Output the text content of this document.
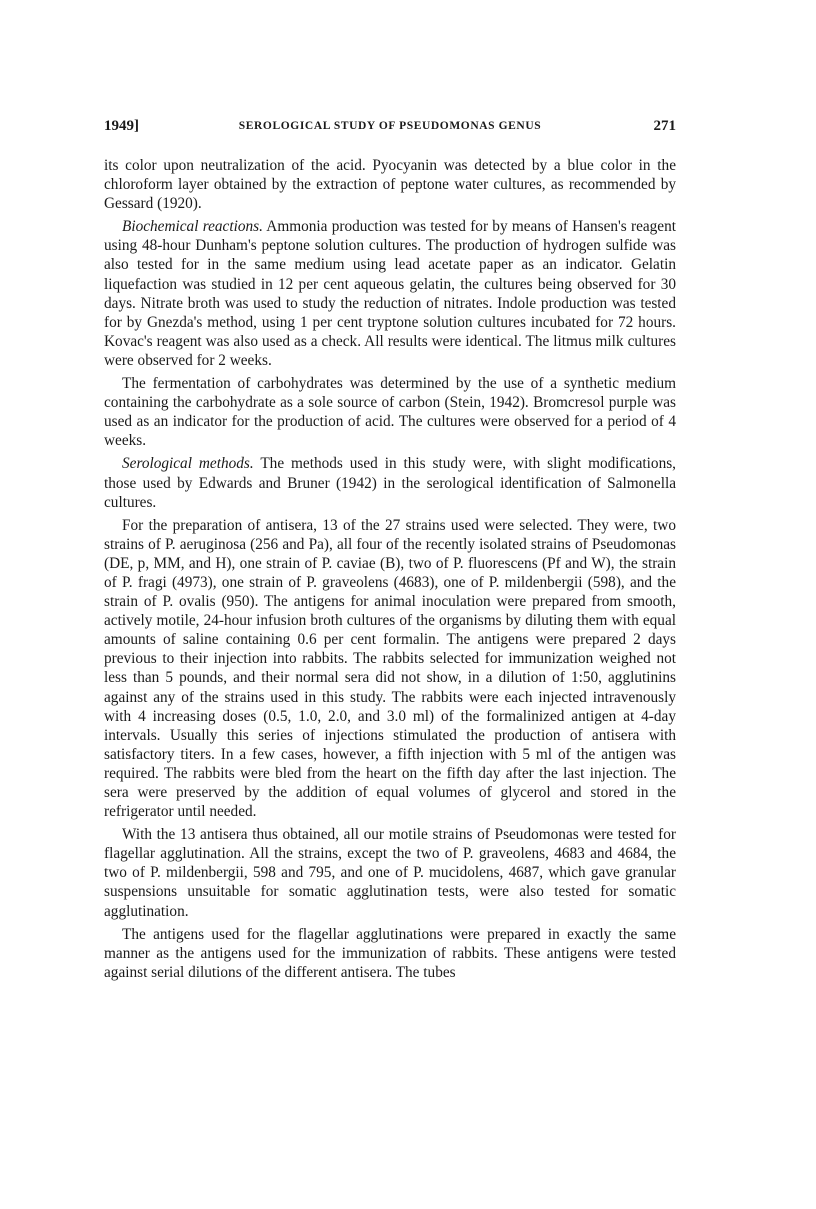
1949]	SEROLOGICAL STUDY OF PSEUDOMONAS GENUS	271

its color upon neutralization of the acid. Pyocyanin was detected by a blue color in the chloroform layer obtained by the extraction of peptone water cultures, as recommended by Gessard (1920).

Biochemical reactions. Ammonia production was tested for by means of Hansen's reagent using 48-hour Dunham's peptone solution cultures. The production of hydrogen sulfide was also tested for in the same medium using lead acetate paper as an indicator. Gelatin liquefaction was studied in 12 per cent aqueous gelatin, the cultures being observed for 30 days. Nitrate broth was used to study the reduction of nitrates. Indole production was tested for by Gnezda's method, using 1 per cent tryptone solution cultures incubated for 72 hours. Kovac's reagent was also used as a check. All results were identical. The litmus milk cultures were observed for 2 weeks.

The fermentation of carbohydrates was determined by the use of a synthetic medium containing the carbohydrate as a sole source of carbon (Stein, 1942). Bromcresol purple was used as an indicator for the production of acid. The cultures were observed for a period of 4 weeks.

Serological methods. The methods used in this study were, with slight modifications, those used by Edwards and Bruner (1942) in the serological identification of Salmonella cultures.

For the preparation of antisera, 13 of the 27 strains used were selected. They were, two strains of P. aeruginosa (256 and Pa), all four of the recently isolated strains of Pseudomonas (DE, p, MM, and H), one strain of P. caviae (B), two of P. fluorescens (Pf and W), the strain of P. fragi (4973), one strain of P. graveolens (4683), one of P. mildenbergii (598), and the strain of P. ovalis (950). The antigens for animal inoculation were prepared from smooth, actively motile, 24-hour infusion broth cultures of the organisms by diluting them with equal amounts of saline containing 0.6 per cent formalin. The antigens were prepared 2 days previous to their injection into rabbits. The rabbits selected for immunization weighed not less than 5 pounds, and their normal sera did not show, in a dilution of 1:50, agglutinins against any of the strains used in this study. The rabbits were each injected intravenously with 4 increasing doses (0.5, 1.0, 2.0, and 3.0 ml) of the formalinized antigen at 4-day intervals. Usually this series of injections stimulated the production of antisera with satisfactory titers. In a few cases, however, a fifth injection with 5 ml of the antigen was required. The rabbits were bled from the heart on the fifth day after the last injection. The sera were preserved by the addition of equal volumes of glycerol and stored in the refrigerator until needed.

With the 13 antisera thus obtained, all our motile strains of Pseudomonas were tested for flagellar agglutination. All the strains, except the two of P. graveolens, 4683 and 4684, the two of P. mildenbergii, 598 and 795, and one of P. mucidolens, 4687, which gave granular suspensions unsuitable for somatic agglutination tests, were also tested for somatic agglutination.

The antigens used for the flagellar agglutinations were prepared in exactly the same manner as the antigens used for the immunization of rabbits. These antigens were tested against serial dilutions of the different antisera. The tubes
